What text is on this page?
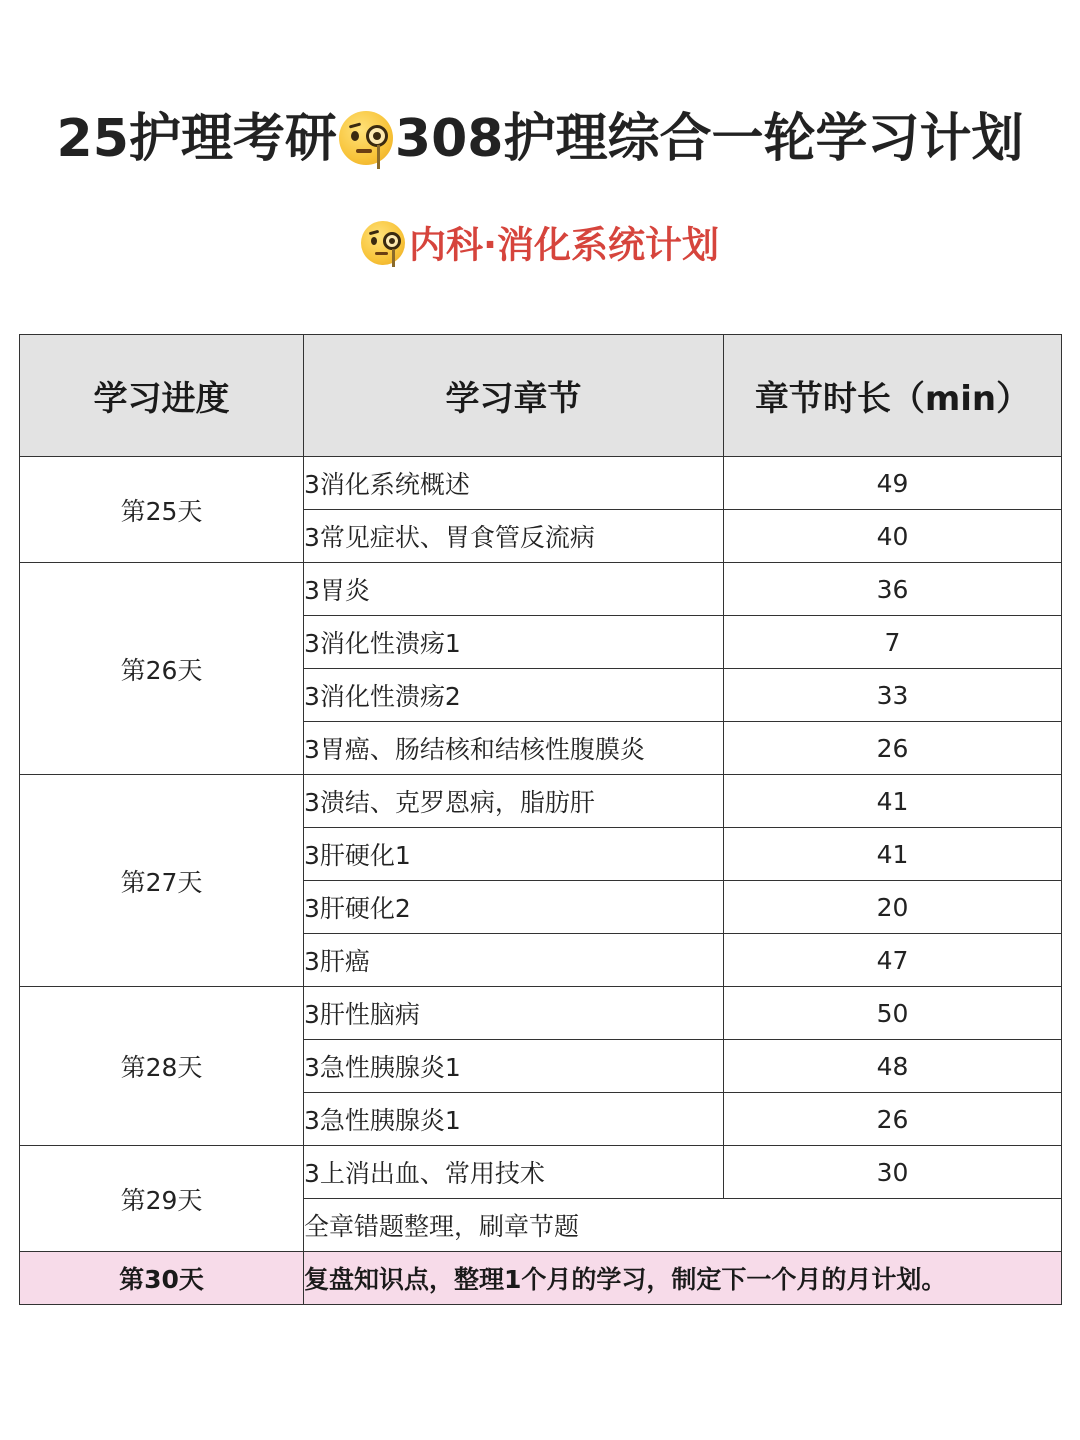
25护理考研 308护理综合一轮学习计划
内科·消化系统计划
学习进度	学习章节	章节时长（min）
第25天	3消化系统概述	49
	3常见症状、胃食管反流病	40
第26天	3胃炎	36
	3消化性溃疡1	7
	3消化性溃疡2	33
	3胃癌、肠结核和结核性腹膜炎	26
第27天	3溃结、克罗恩病，脂肪肝	41
	3肝硬化1	41
	3肝硬化2	20
	3肝癌	47
第28天	3肝性脑病	50
	3急性胰腺炎1	48
	3急性胰腺炎1	26
第29天	3上消出血、常用技术	30
	全章错题整理，刷章节题	
第30天	复盘知识点，整理1个月的学习，制定下一个月的月计划。	
